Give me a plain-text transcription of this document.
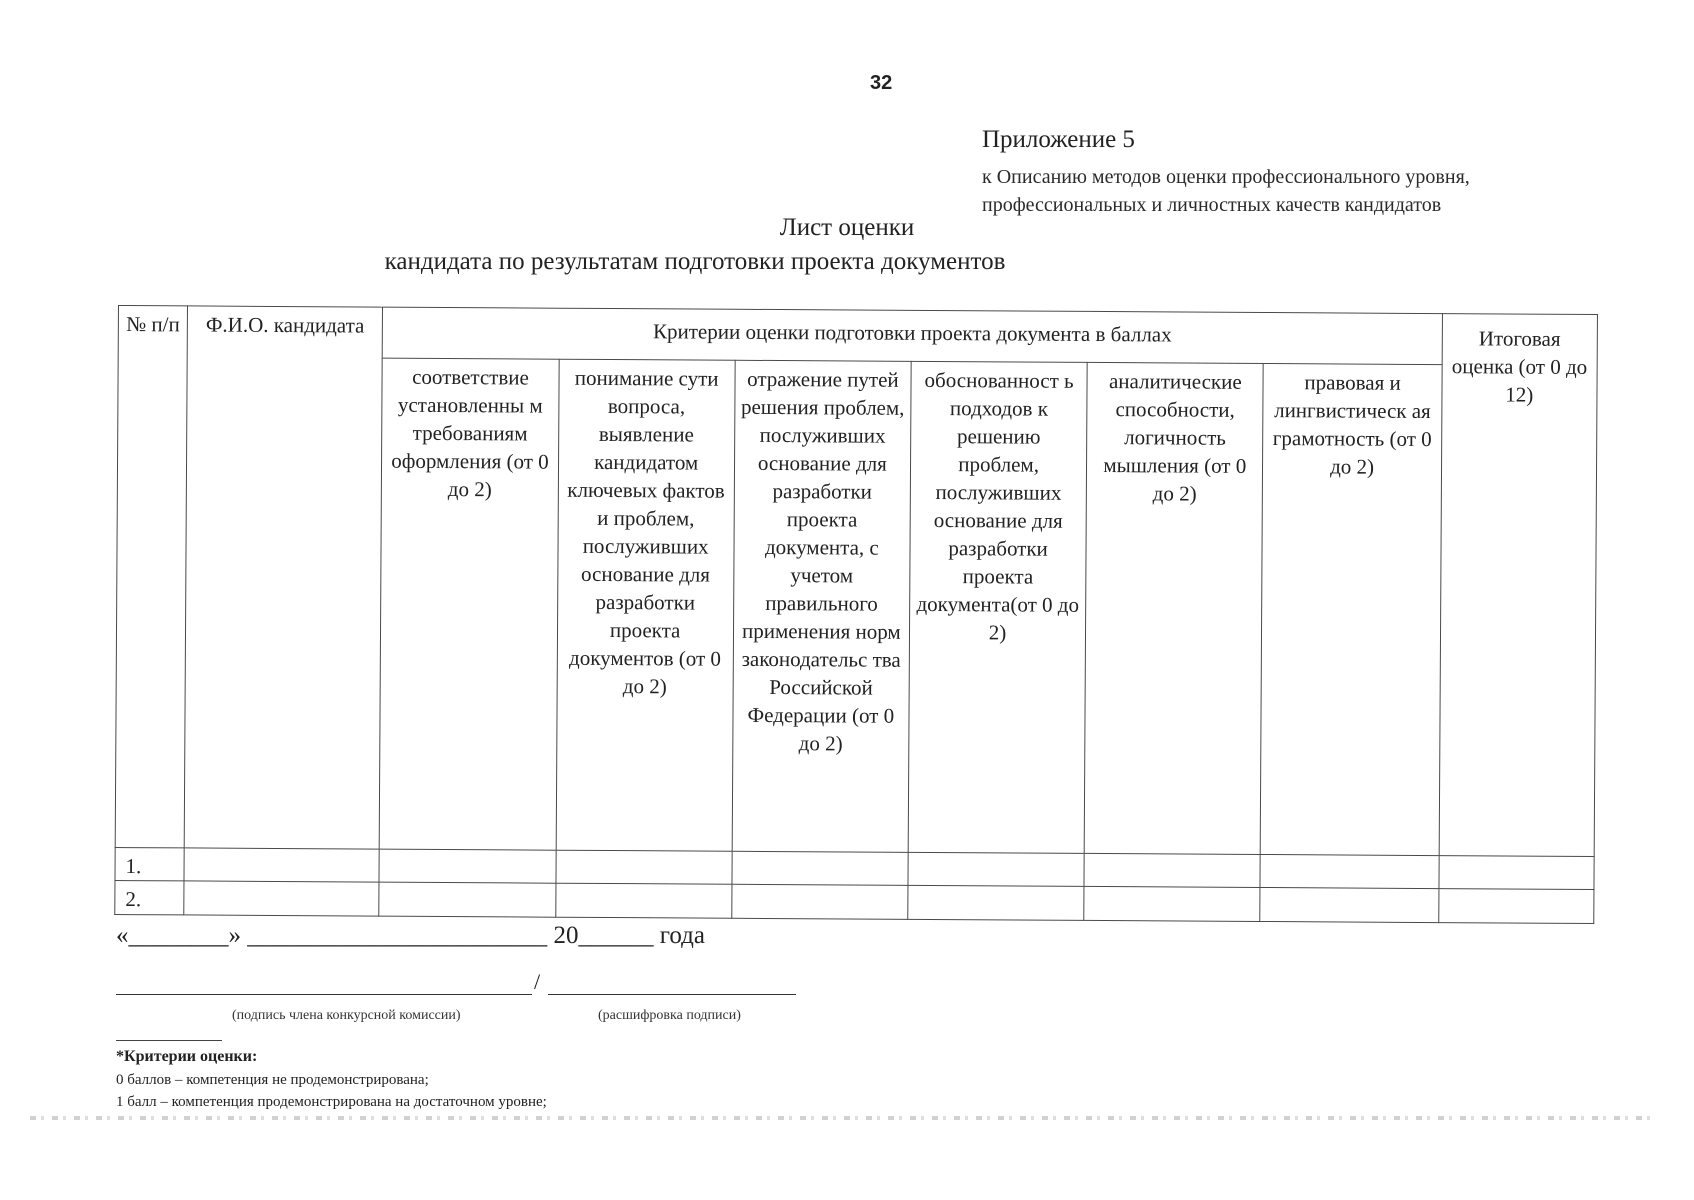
32
Приложение 5
к Описанию методов оценки профессионального уровня,
профессиональных и личностных качеств кандидатов
Лист оценки
кандидата по результатам подготовки проекта документов
№ п/п	Ф.И.О. кандидата	Критерии оценки подготовки проекта документа в баллах						Итоговая оценка (от 0 до 12)
		соответствие установленны м требованиям оформления (от 0 до 2)	понимание сути вопроса, выявление кандидатом ключевых фактов и проблем, послуживших основание для разработки проекта документов (от 0 до 2)	отражение путей решения проблем, послуживших основание для разработки проекта документа, с учетом правильного применения норм законодательс тва Российской Федерации (от 0 до 2)	обоснованност ь подходов к решению проблем, послуживших основание для разработки проекта документа(от 0 до 2)	аналитические способности, логичность мышления (от 0 до 2)	правовая и лингвистическ ая грамотность (от 0 до 2)	
1.								
2.								
«________» ________________________ 20______ года
/
(подпись члена конкурсной комиссии)	(расшифровка подписи)
*Критерии оценки:
0 баллов – компетенция не продемонстрирована;
1 балл – компетенция продемонстрирована на достаточном уровне;
